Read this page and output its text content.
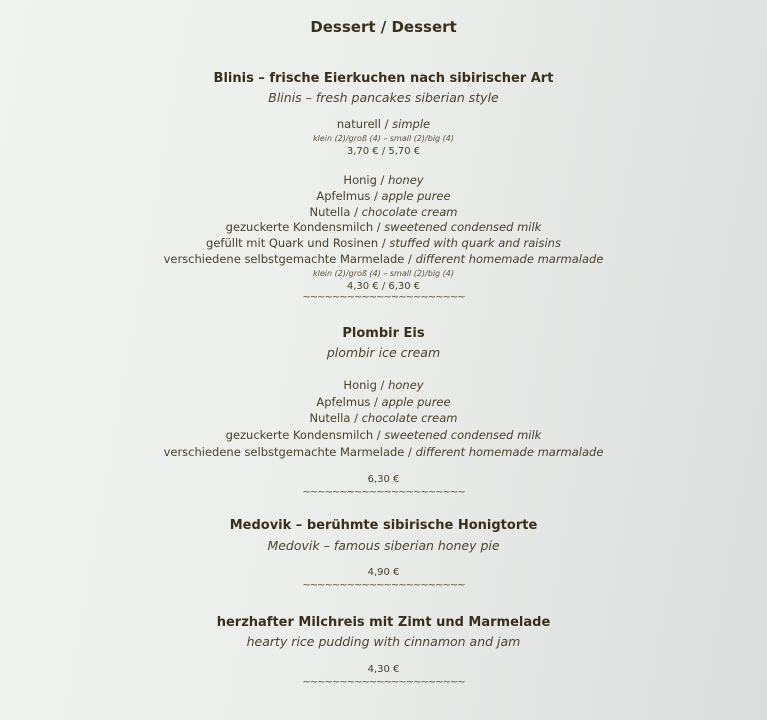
Dessert / Dessert
Blinis – frische Eierkuchen nach sibirischer Art
Blinis – fresh pancakes siberian style
naturell / simple
klein (2)/groß (4) – small (2)/big (4)
3,70 € / 5,70 €
Honig / honey
Apfelmus / apple puree
Nutella / chocolate cream
gezuckerte Kondensmilch / sweetened condensed milk
gefüllt mit Quark und Rosinen / stuffed with quark and raisins
verschiedene selbstgemachte Marmelade / different homemade marmalade
klein (2)/groß (4) – small (2)/big (4)
4,30 € / 6,30 €
~~~~~~~~~~~~~~~~~~~~~~
Plombir Eis
plombir ice cream
Honig / honey
Apfelmus / apple puree
Nutella / chocolate cream
gezuckerte Kondensmilch / sweetened condensed milk
verschiedene selbstgemachte Marmelade / different homemade marmalade
6,30 €
~~~~~~~~~~~~~~~~~~~~~~
Medovik – berühmte sibirische Honigtorte
Medovik – famous siberian honey pie
4,90 €
~~~~~~~~~~~~~~~~~~~~~~
herzhafter Milchreis mit Zimt und Marmelade
hearty rice pudding with cinnamon and jam
4,30 €
~~~~~~~~~~~~~~~~~~~~~~
